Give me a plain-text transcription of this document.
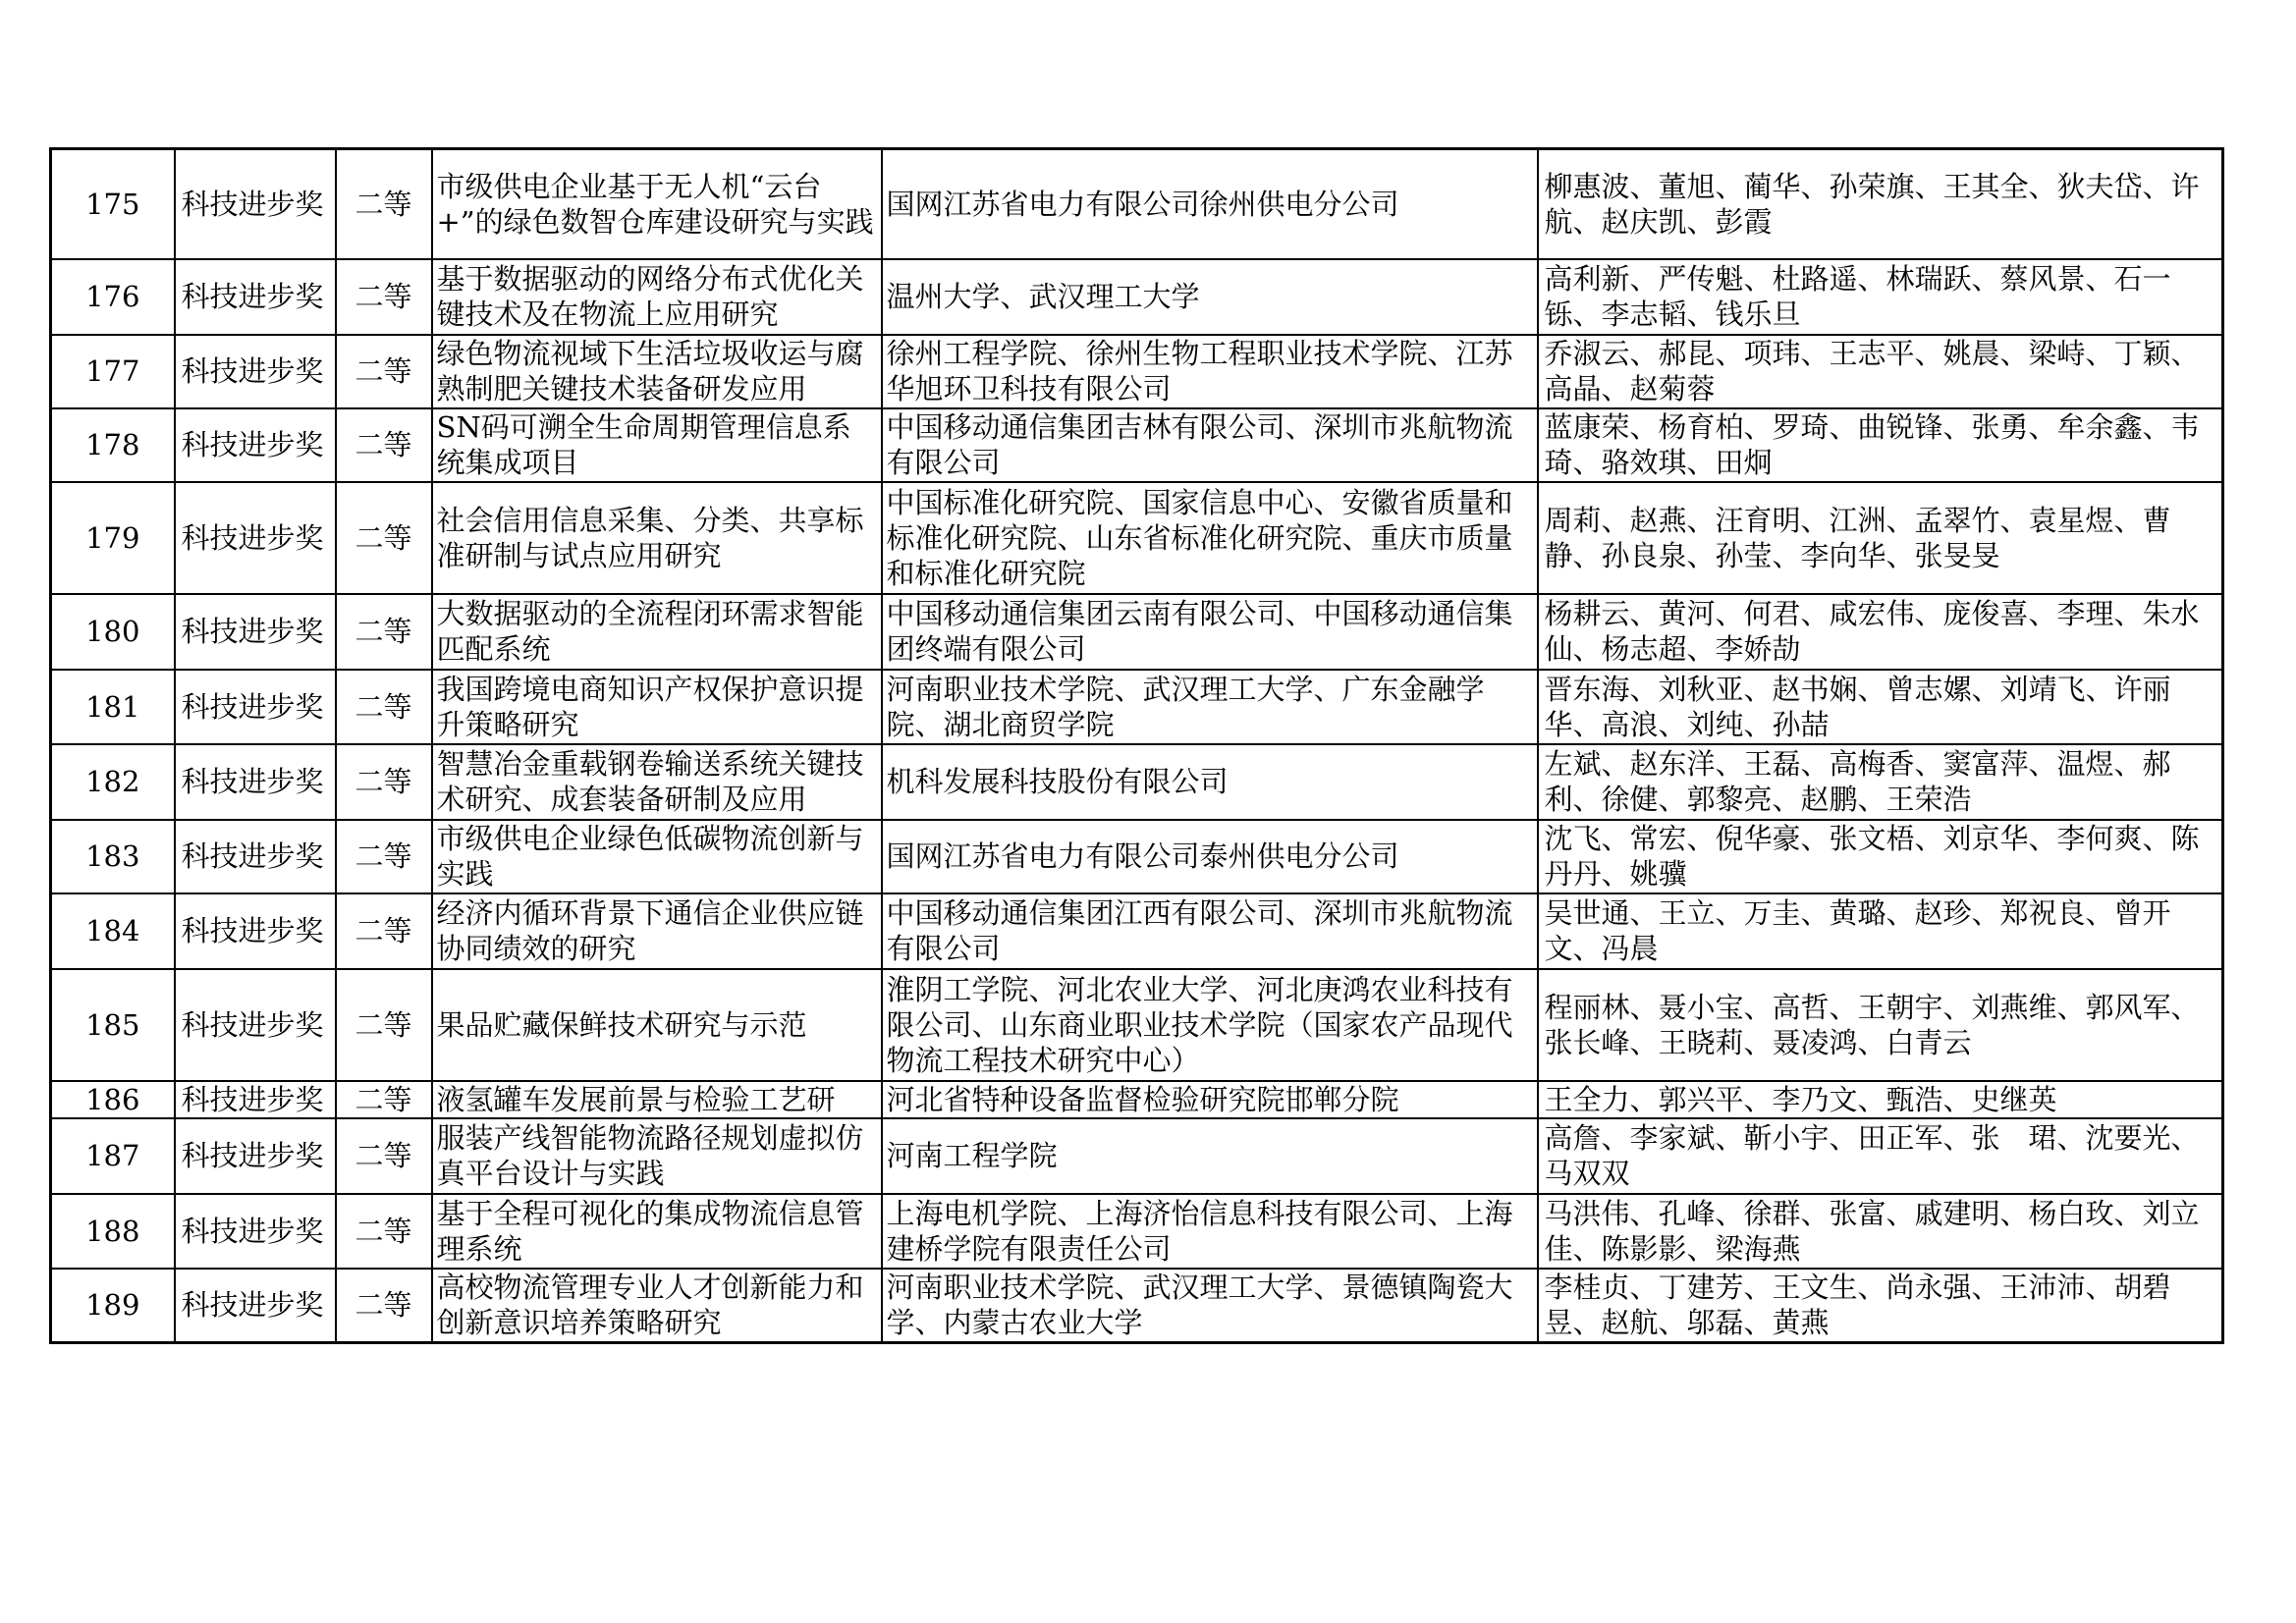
175	科技进步奖	二等	市级供电企业基于无人机“云台+”的绿色数智仓库建设研究与实践	国网江苏省电力有限公司徐州供电分公司	柳惠波、董旭、蔺华、孙荣旗、王其全、狄夫岱、许航、赵庆凯、彭霞
176	科技进步奖	二等	基于数据驱动的网络分布式优化关键技术及在物流上应用研究	温州大学、武汉理工大学	高利新、严传魁、杜路遥、林瑞跃、蔡风景、石一铄、李志韬、钱乐旦
177	科技进步奖	二等	绿色物流视域下生活垃圾收运与腐熟制肥关键技术装备研发应用	徐州工程学院、徐州生物工程职业技术学院、江苏华旭环卫科技有限公司	乔淑云、郝昆、项玮、王志平、姚晨、梁峙、丁颖、高晶、赵菊蓉
178	科技进步奖	二等	SN码可溯全生命周期管理信息系统集成项目	中国移动通信集团吉林有限公司、深圳市兆航物流有限公司	蓝康荣、杨育柏、罗琦、曲锐锋、张勇、牟余鑫、韦琦、骆效琪、田炯
179	科技进步奖	二等	社会信用信息采集、分类、共享标准研制与试点应用研究	中国标准化研究院、国家信息中心、安徽省质量和标准化研究院、山东省标准化研究院、重庆市质量和标准化研究院	周莉、赵燕、汪育明、江洲、孟翠竹、袁星煜、曹静、孙良泉、孙莹、李向华、张旻旻
180	科技进步奖	二等	大数据驱动的全流程闭环需求智能匹配系统	中国移动通信集团云南有限公司、中国移动通信集团终端有限公司	杨耕云、黄河、何君、咸宏伟、庞俊喜、李理、朱水仙、杨志超、李娇劼
181	科技进步奖	二等	我国跨境电商知识产权保护意识提升策略研究	河南职业技术学院、武汉理工大学、广东金融学院、湖北商贸学院	晋东海、刘秋亚、赵书娴、曾志嫘、刘靖飞、许丽华、高浪、刘纯、孙喆
182	科技进步奖	二等	智慧冶金重载钢卷输送系统关键技术研究、成套装备研制及应用	机科发展科技股份有限公司	左斌、赵东洋、王磊、高梅香、窦富萍、温煜、郝利、徐健、郭黎亮、赵鹏、王荣浩
183	科技进步奖	二等	市级供电企业绿色低碳物流创新与实践	国网江苏省电力有限公司泰州供电分公司	沈飞、常宏、倪华豪、张文梧、刘京华、李何爽、陈丹丹、姚骥
184	科技进步奖	二等	经济内循环背景下通信企业供应链协同绩效的研究	中国移动通信集团江西有限公司、深圳市兆航物流有限公司	吴世通、王立、万圭、黄璐、赵珍、郑祝良、曾开文、冯晨
185	科技进步奖	二等	果品贮藏保鲜技术研究与示范	淮阴工学院、河北农业大学、河北庚鸿农业科技有限公司、山东商业职业技术学院（国家农产品现代物流工程技术研究中心）	程丽林、聂小宝、高哲、王朝宇、刘燕维、郭风军、张长峰、王晓莉、聂凌鸿、白青云
186	科技进步奖	二等	液氢罐车发展前景与检验工艺研	河北省特种设备监督检验研究院邯郸分院	王全力、郭兴平、李乃文、甄浩、史继英
187	科技进步奖	二等	服装产线智能物流路径规划虚拟仿真平台设计与实践	河南工程学院	高詹、李家斌、靳小宇、田正军、张　珺、沈要光、马双双
188	科技进步奖	二等	基于全程可视化的集成物流信息管理系统	上海电机学院、上海济怡信息科技有限公司、上海建桥学院有限责任公司	马洪伟、孔峰、徐群、张富、戚建明、杨白玫、刘立佳、陈影影、梁海燕
189	科技进步奖	二等	高校物流管理专业人才创新能力和创新意识培养策略研究	河南职业技术学院、武汉理工大学、景德镇陶瓷大学、内蒙古农业大学	李桂贞、丁建芳、王文生、尚永强、王沛沛、胡碧昱、赵航、邬磊、黄燕
